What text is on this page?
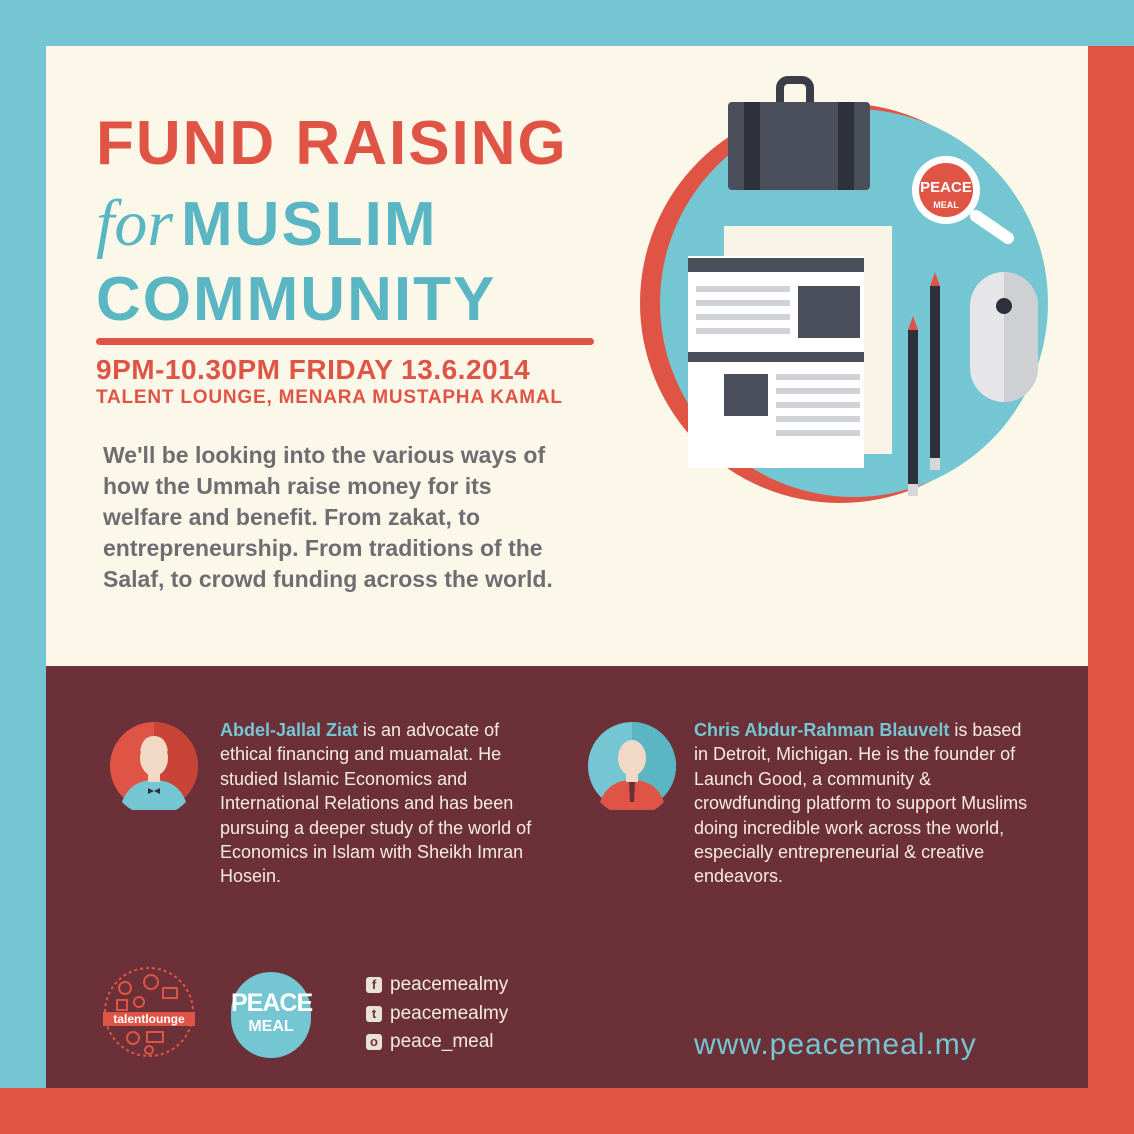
FUND RAISING
for MUSLIM
COMMUNITY
9PM-10.30PM FRIDAY 13.6.2014
TALENT LOUNGE, MENARA MUSTAPHA KAMAL
We'll be looking into the various ways of how the Ummah raise money for its welfare and benefit. From zakat, to entrepreneurship. From traditions of the Salaf, to crowd funding across the world.
PEACE
MEAL
Abdel-Jallal Ziat is an advocate of ethical financing and muamalat. He studied Islamic Economics and International Relations and has been pursuing a deeper study of the world of Economics in Islam with Sheikh Imran Hosein.
Chris Abdur-Rahman Blauvelt is based in Detroit, Michigan. He is the founder of Launch Good, a community & crowdfunding platform to support Muslims doing incredible work across the world, especially entrepreneurial & creative endeavors.
talentlounge
PEACE
MEAL
f peacemealmy
t peacemealmy
o peace_meal	www.peacemeal.my
